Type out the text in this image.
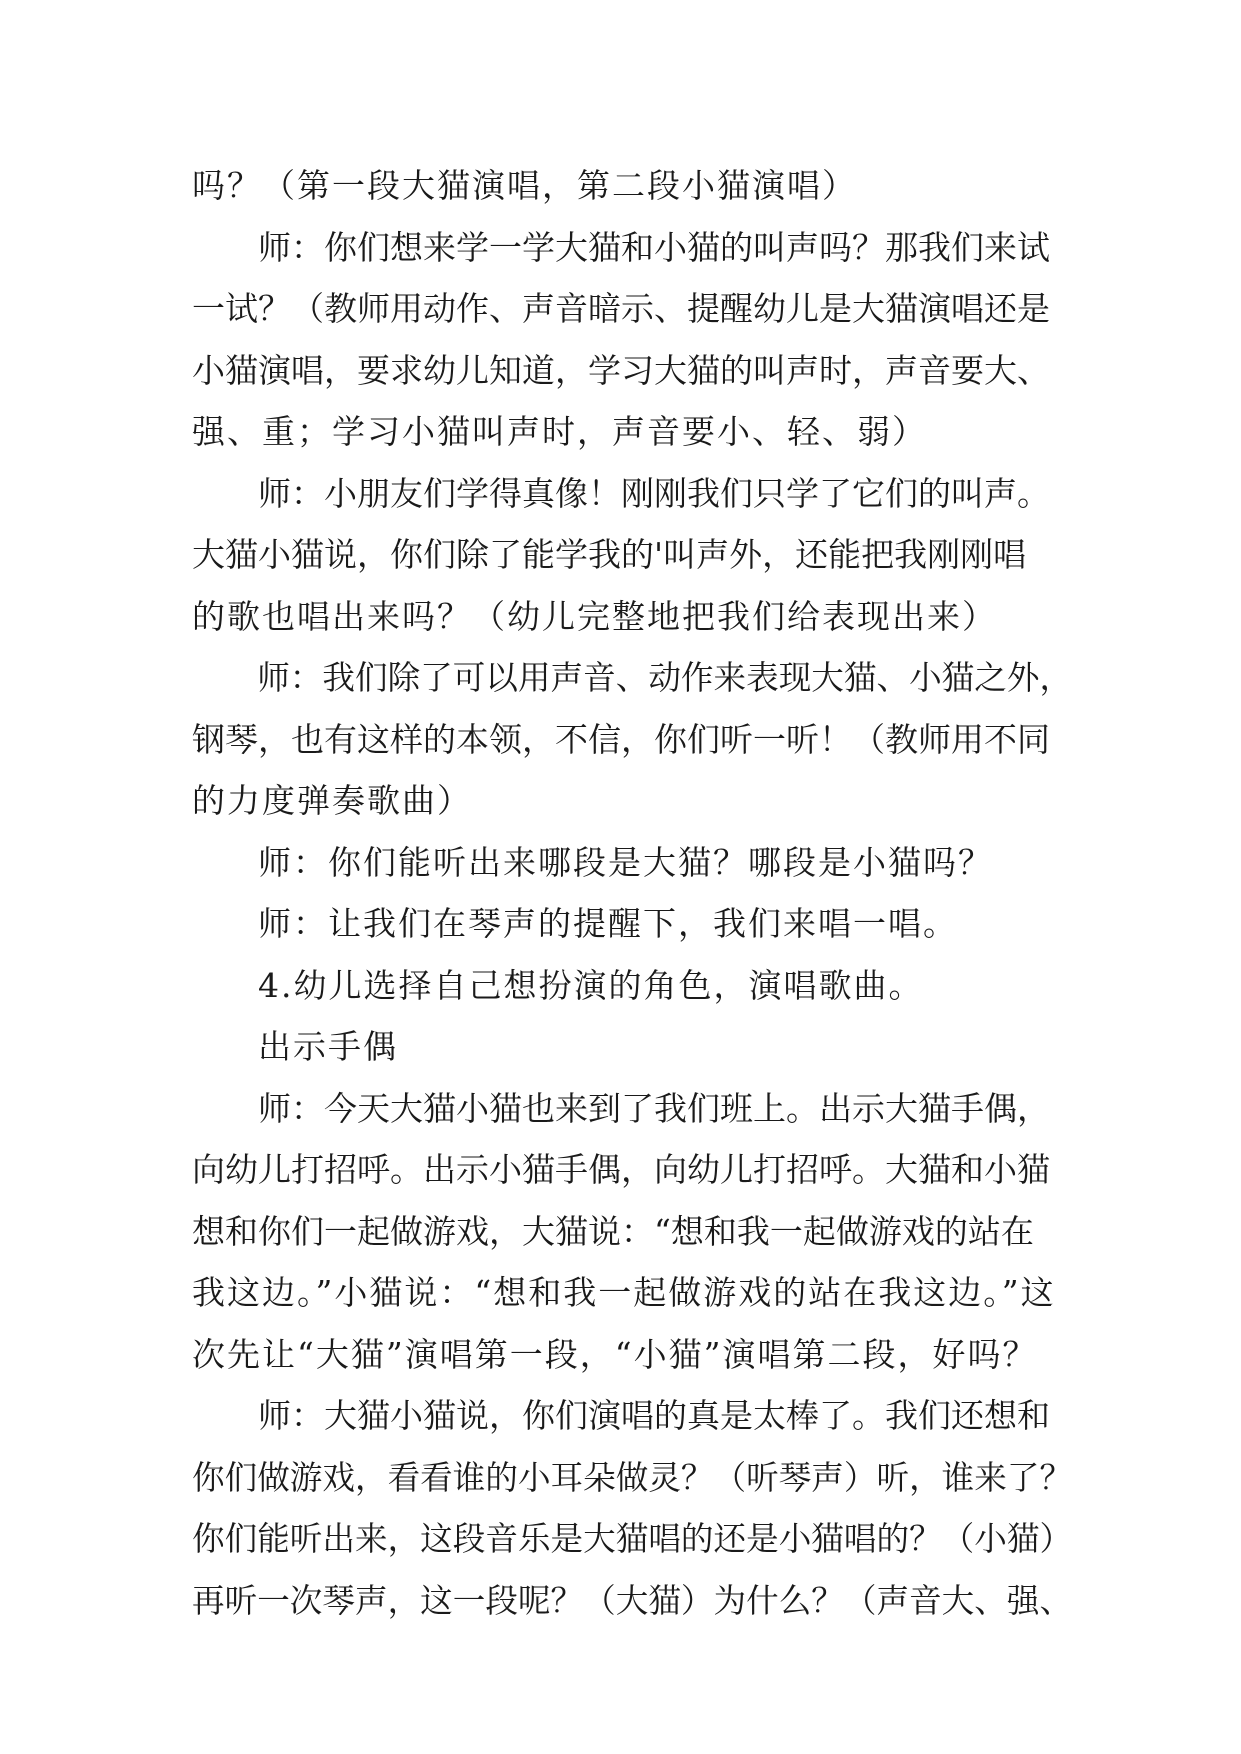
吗？（第一段大猫演唱，第二段小猫演唱）
师：你们想来学一学大猫和小猫的叫声吗？那我们来试
一试？（教师用动作、声音暗示、提醒幼儿是大猫演唱还是
小猫演唱，要求幼儿知道，学习大猫的叫声时，声音要大、
强、重；学习小猫叫声时，声音要小、轻、弱）
师：小朋友们学得真像！刚刚我们只学了它们的叫声。
大猫小猫说，你们除了能学我的'叫声外，还能把我刚刚唱
的歌也唱出来吗？（幼儿完整地把我们给表现出来）
师：我们除了可以用声音、动作来表现大猫、小猫之外，
钢琴，也有这样的本领，不信，你们听一听！（教师用不同
的力度弹奏歌曲）
师：你们能听出来哪段是大猫？哪段是小猫吗？
师：让我们在琴声的提醒下，我们来唱一唱。
4.幼儿选择自己想扮演的角色，演唱歌曲。
出示手偶
师：今天大猫小猫也来到了我们班上。出示大猫手偶，
向幼儿打招呼。出示小猫手偶，向幼儿打招呼。大猫和小猫
想和你们一起做游戏，大猫说：“想和我一起做游戏的站在
我这边。”小猫说：“想和我一起做游戏的站在我这边。”这
次先让“大猫”演唱第一段，“小猫”演唱第二段，好吗？
师：大猫小猫说，你们演唱的真是太棒了。我们还想和
你们做游戏，看看谁的小耳朵做灵？（听琴声）听，谁来了？
你们能听出来，这段音乐是大猫唱的还是小猫唱的？（小猫）
再听一次琴声，这一段呢？（大猫）为什么？（声音大、强、
